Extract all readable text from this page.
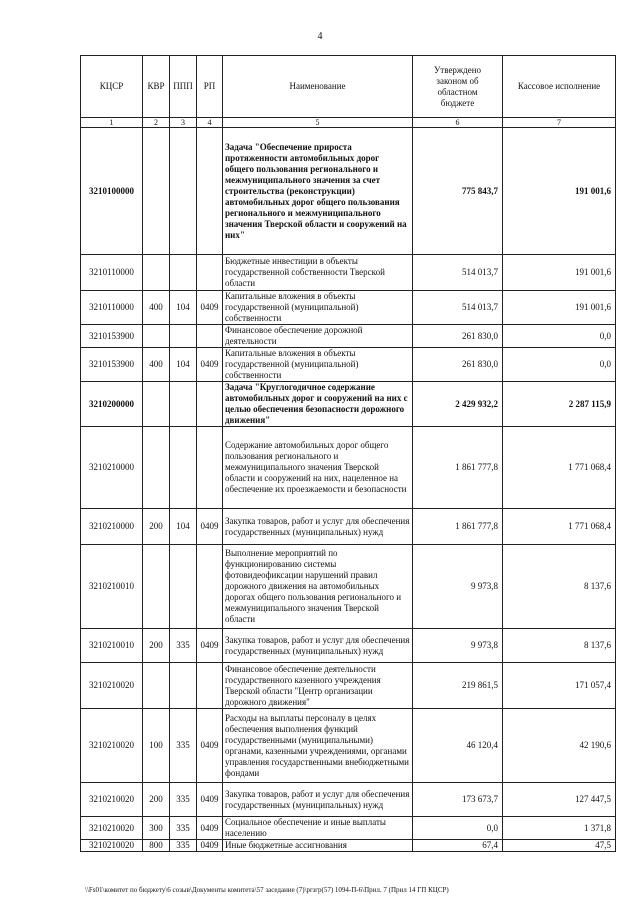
4
КЦСР	КВР	ППП	РП	Наименование	Утверждено законом об областном бюджете	Кассовое исполнение
1	2	3	4	5	6	7
3210100000				Задача "Обеспечение прироста протяженности автомобильных дорог общего пользования регионального и межмуниципального значения за счет строительства (реконструкции) автомобильных дорог общего пользования регионального и межмуниципального значения Тверской области и сооружений на них"	775 843,7	191 001,6
3210110000				Бюджетные инвестиции в объекты государственной собственности Тверской области	514 013,7	191 001,6
3210110000	400	104	0409	Капитальные вложения в объекты государственной (муниципальной) собственности	514 013,7	191 001,6
3210153900				Финансовое обеспечение дорожной деятельности	261 830,0	0,0
3210153900	400	104	0409	Капитальные вложения в объекты государственной (муниципальной) собственности	261 830,0	0,0
3210200000				Задача "Круглогодичное содержание автомобильных дорог и сооружений на них с целью обеспечения безопасности дорожного движения"	2 429 932,2	2 287 115,9
3210210000				Содержание автомобильных дорог общего пользования регионального и межмуниципального значения Тверской области и сооружений на них, нацеленное на обеспечение их проезжаемости и безопасности	1 861 777,8	1 771 068,4
3210210000	200	104	0409	Закупка товаров, работ и услуг для обеспечения государственных (муниципальных) нужд	1 861 777,8	1 771 068,4
3210210010				Выполнение мероприятий по функционированию системы фотовидеофиксации нарушений правил дорожного движения на автомобильных дорогах общего пользования регионального и межмуниципального значения Тверской области	9 973,8	8 137,6
3210210010	200	335	0409	Закупка товаров, работ и услуг для обеспечения государственных (муниципальных) нужд	9 973,8	8 137,6
3210210020				Финансовое обеспечение деятельности государственного казенного учреждения Тверской области "Центр организации дорожного движения"	219 861,5	171 057,4
3210210020	100	335	0409	Расходы на выплаты персоналу в целях обеспечения выполнения функций государственными (муниципальными) органами, казенными учреждениями, органами управления государственными внебюджетными фондами	46 120,4	42 190,6
3210210020	200	335	0409	Закупка товаров, работ и услуг для обеспечения государственных (муниципальных) нужд	173 673,7	127 447,5
3210210020	300	335	0409	Социальное обеспечение и иные выплаты населению	0,0	1 371,8
3210210020	800	335	0409	Иные бюджетные ассигнования	67,4	47,5
\\Fs01\комитет по бюджету\6 созыв\Документы комитета\57 заседание (7)\prзгр(57) 1094-П-6\Прил. 7 (Прил 14 ГП КЦСР)
